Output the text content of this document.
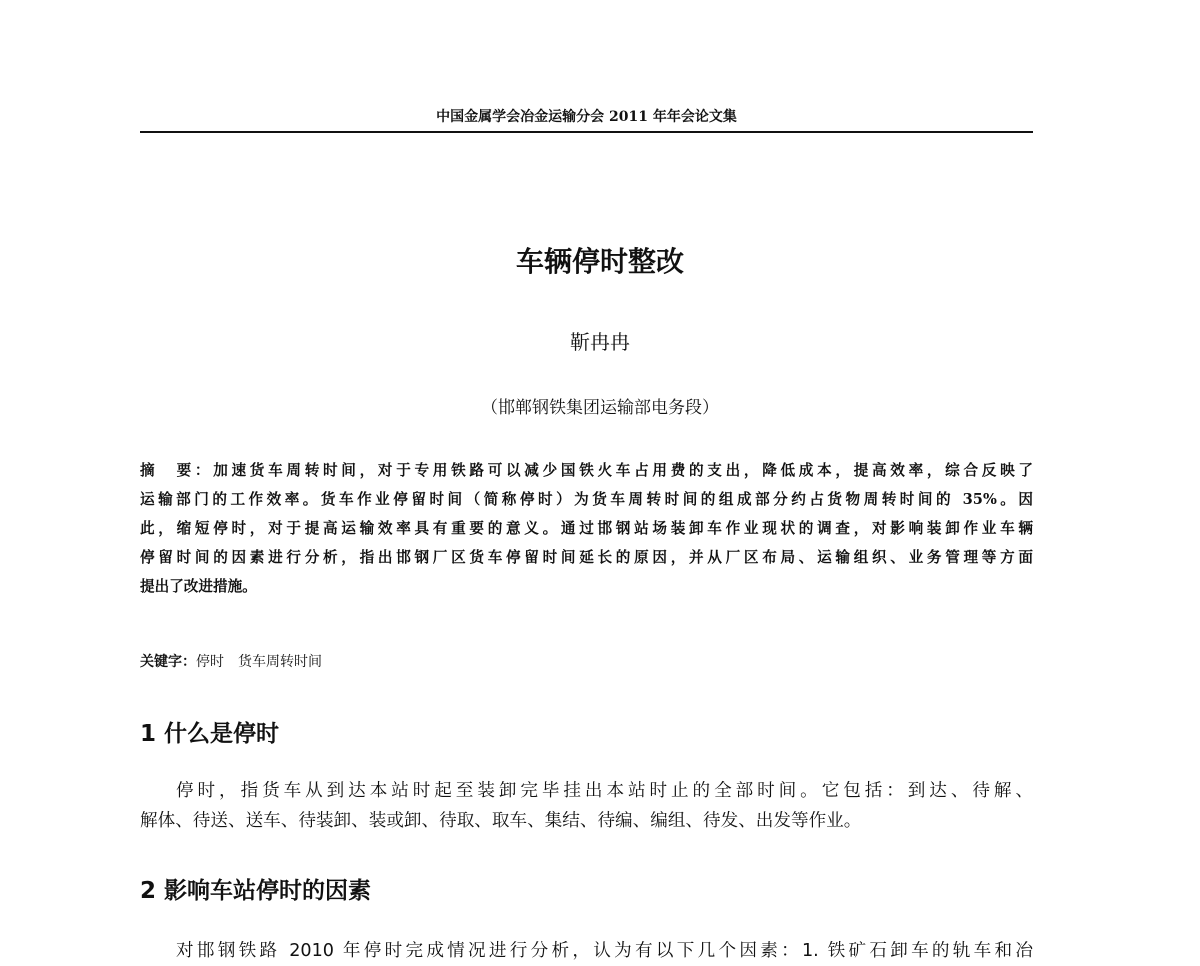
中国金属学会冶金运输分会 2011 年年会论文集
车辆停时整改
靳冉冉
（邯郸钢铁集团运输部电务段）
摘　要：加速货车周转时间，对于专用铁路可以减少国铁火车占用费的支出，降低成本，提高效率，综合反映了
运输部门的工作效率。货车作业停留时间（简称停时）为货车周转时间的组成部分约占货物周转时间的 35%。因
此，缩短停时，对于提高运输效率具有重要的意义。通过邯钢站场装卸车作业现状的调查，对影响装卸作业车辆
停留时间的因素进行分析，指出邯钢厂区货车停留时间延长的原因，并从厂区布局、运输组织、业务管理等方面
提出了改进措施。
关键字：停时　货车周转时间
1 什么是停时
停时，指货车从到达本站时起至装卸完毕挂出本站时止的全部时间。它包括：到达、待解、
解体、待送、送车、待装卸、装或卸、待取、取车、集结、待编、编组、待发、出发等作业。
2 影响车站停时的因素
对邯钢铁路 2010 年停时完成情况进行分析，认为有以下几个因素：1. 铁矿石卸车的轨车和冶
